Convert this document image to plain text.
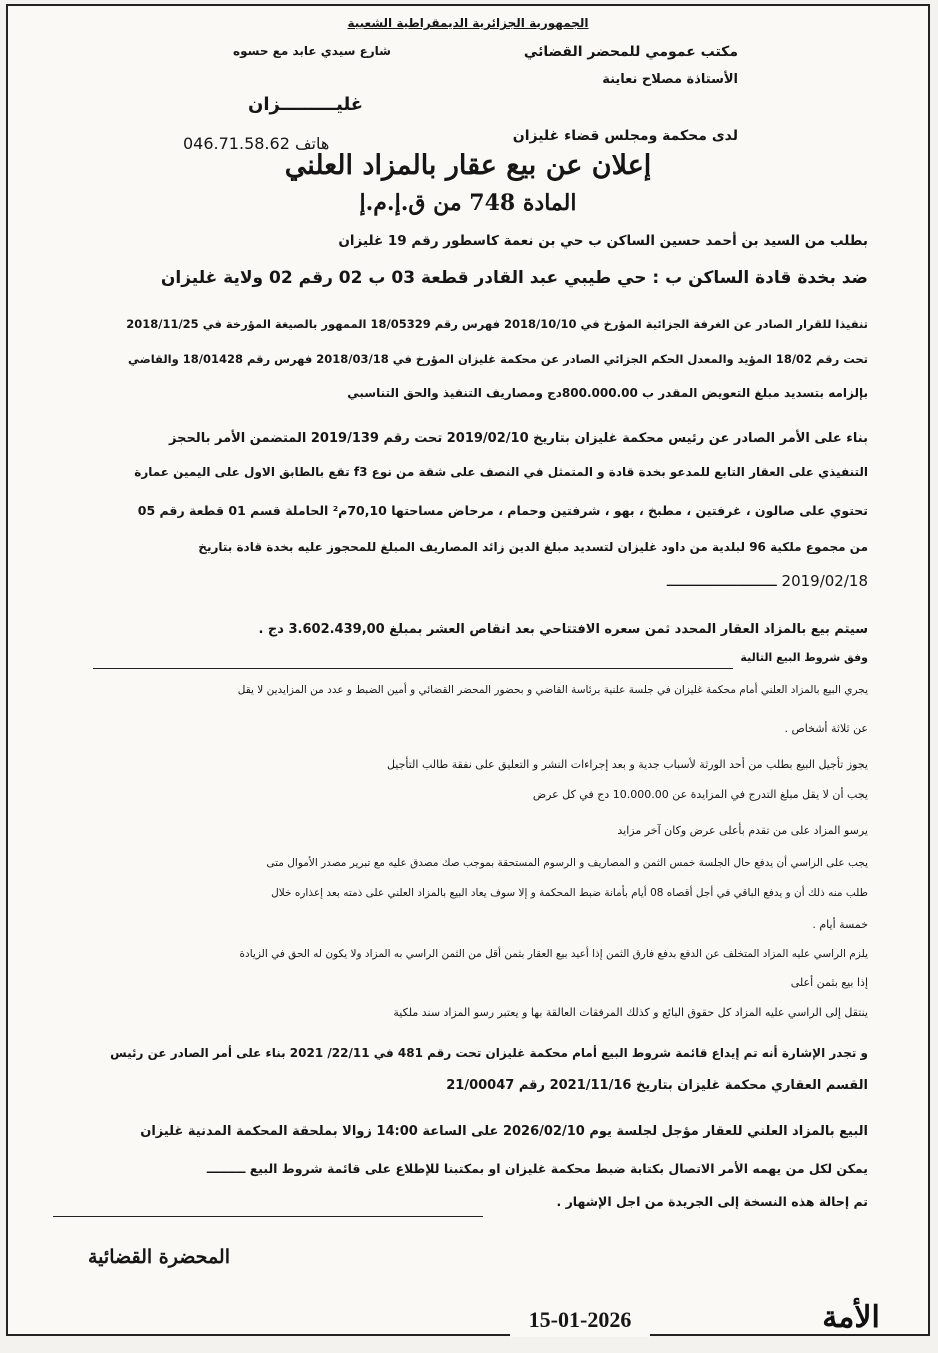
الجمهورية الجزائرية الديمقراطية الشعبية
مكتب عمومي للمحضر القضائي
الأستاذة مصلاح نعاينة
لدى محكمة ومجلس قضاء غليزان
شارع سيدي عابد مع حسوه
غليـــــــــزان
هاتف 046.71.58.62
إعلان عن بيع عقار بالمزاد العلني
المادة 748 من ق.إ.م.إ
بطلب من السيد بن أحمد حسين الساكن ب حي بن نعمة كاسطور رقم 19 غليزان
ضد بخدة قادة الساكن ب : حي طيبي عبد القادر قطعة 03 ب 02 رقم 02 ولاية غليزان
تنفيذا للقرار الصادر عن الغرفة الجزائية المؤرخ في 2018/10/10 فهرس رقم 18/05329 الممهور بالصيغة المؤرخة في 2018/11/25
تحت رقم 18/02 المؤيد والمعدل الحكم الجزائي الصادر عن محكمة غليزان المؤرخ في 2018/03/18 فهرس رقم 18/01428 والقاضي
بإلزامه بتسديد مبلغ التعويض المقدر ب 800.000.00دج ومصاريف التنفيذ والحق التناسبي
بناء على الأمر الصادر عن رئيس محكمة غليزان بتاريخ 2019/02/10 تحت رقم 2019/139 المتضمن الأمر بالحجز
التنفيذي على العقار التابع للمدعو بخدة قادة و المتمثل في النصف على شقة من نوع f3 تقع بالطابق الاول على اليمين عمارة
تحتوي على صالون ، غرفتين ، مطبخ ، بهو ، شرفتين وحمام ، مرحاض مساحتها 70,10م² الحاملة قسم 01 قطعة رقم 05
من مجموع ملكية 96 لبلدية من داود غليزان لتسديد مبلغ الدين زائد المصاريف المبلغ للمحجوز عليه بخدة قادة بتاريخ
2019/02/18 ـــــــــــــــــــــــــ
سيتم بيع بالمزاد العقار المحدد ثمن سعره الافتتاحي بعد انقاص العشر بمبلغ 3.602.439,00 دج .
وفق شروط البيع التالية
يجري البيع بالمزاد العلني أمام محكمة غليزان في جلسة علنية برئاسة القاضي و بحضور المحضر القضائي و أمين الضبط و عدد من المزايدين لا يقل
عن ثلاثة أشخاص .
يجوز تأجيل البيع بطلب من أحد الورثة لأسباب جدية و بعد إجراءات النشر و التعليق على نفقة طالب التأجيل
يجب أن لا يقل مبلغ التدرج في المزايدة عن 10.000.00 دج في كل عرض
يرسو المزاد على من تقدم بأعلى عرض وكان آخر مزايد
يجب على الراسي أن يدفع حال الجلسة خمس الثمن و المصاريف و الرسوم المستحقة بموجب صك مصدق عليه مع تبرير مصدر الأموال متى
طلب منه ذلك أن و يدفع الباقي في أجل أقصاه 08 أيام بأمانة ضبط المحكمة و إلا سوف يعاد البيع بالمزاد العلني على ذمته بعد إعذاره خلال
خمسة أيام .
يلزم الراسي عليه المزاد المتخلف عن الدفع بدفع فارق الثمن إذا أعيد بيع العقار بثمن أقل من الثمن الراسي به المزاد ولا يكون له الحق في الزيادة
إذا بيع بثمن أعلى
ينتقل إلى الراسي عليه المزاد كل حقوق البائع و كذلك المرفقات العالقة بها و يعتبر رسو المزاد سند ملكية
و تجدر الإشارة أنه تم إيداع قائمة شروط البيع أمام محكمة غليزان تحت رقم 481 في 22/11/ 2021 بناء على أمر الصادر عن رئيس
القسم العقاري محكمة غليزان بتاريخ 2021/11/16 رقم 21/00047
البيع بالمزاد العلني للعقار مؤجل لجلسة يوم 2026/02/10 على الساعة 14:00 زوالا بملحقة المحكمة المدنية غليزان
يمكن لكل من يهمه الأمر الاتصال بكتابة ضبط محكمة غليزان او بمكتبنا للإطلاع على قائمة شروط البيع ـــــــــ
تم إحالة هذه النسخة إلى الجريدة من اجل الإشهار .
المحضرة القضائية
15-01-2026	الأمة
